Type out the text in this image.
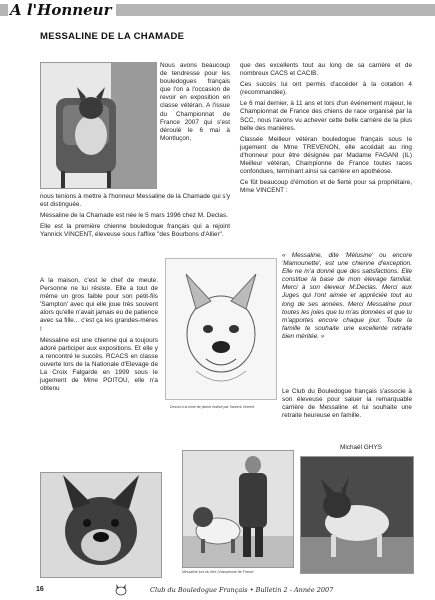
A l'Honneur
MESSALINE DE LA CHAMADE

Nous avons beaucoup de tendresse pour les bouledogues français que l'on a l'occasion de revoir en exposition en classe vétéran. A l'issue du Championnat de France 2007 qui s'est déroulé le 6 mai à Montluçon,

nous tenions à mettre à l'honneur Messaline de la Chamade qui s'y est distinguée.

Messaline de la Chamade est née le 5 mars 1996 chez M. Declas.

Elle est la première chienne bouledogue français qui a rejoint Yannick VINCENT, éleveuse sous l'affixe "des Bourbons d'Allier".

A la maison, c'est le chef de meute. Personne ne lui résiste. Elle a tout de même un gros faible pour son petit-fils 'Sampton' avec qui elle joue très souvent alors qu'elle n'avait jamais eu de patience avec sa fille... c'est ça les grandes-mères !

Messaline est une chienne qui a toujours adoré participer aux expositions. Et elle y a rencontré le succès. RCACS en classe ouverte lors de la Nationale d'Elevage de La Croix Falgarde en 1999 sous le jugement de Mme POITOU, elle n'a obtenu

Dessin à la mine de plomb réalisé par Yannick Vincent

que des excellents tout au long de sa carrière et de nombreux CACS et CACIB.

Ces succès lui ont permis d'accéder à la cotation 4 (recommandée).

Le 6 mai dernier, à 11 ans et lors d'un événement majeur, le Championnat de France des chiens de race organisé par la SCC, nous l'avons vu achever cette belle carrière de la plus belle des manières.

Classée Meilleur vétéran bouledogue français sous le jugement de Mme TREVENON, elle accédait au ring d'honneur pour être désignée par Madame FAGANI (IL) Meilleur vétéran, Championne de France toutes races confondues, terminant ainsi sa carrière en apothéose.

Ce fût beaucoup d'émotion et de fierté pour sa propriétaire, Mme VINCENT :

« Messaline, dite 'Mélusine' ou encore 'Mamounette', est une chienne d'exception. Elle ne m'a donné que des satisfactions. Elle constitue la base de mon élevage familial. Merci à son éleveur M.Declas. Merci aux Juges qui l'ont aimée et appréciée tout au long de ses années. Merci Messaline pour toutes les joies que tu m'as données et que tu m'apportes encore chaque jour. Toute la famille te souhaite une excellente retraite bien méritée. »

Le Club du Bouledogue français s'associe à son éleveuse pour saluer la remarquable carrière de Messaline et lui souhaite une retraite heureuse en famille.

Michaël GHYS
Messaline lors du titre Championne de France
16	Club du Bouledogue Français • Bulletin 2 - Année 2007
